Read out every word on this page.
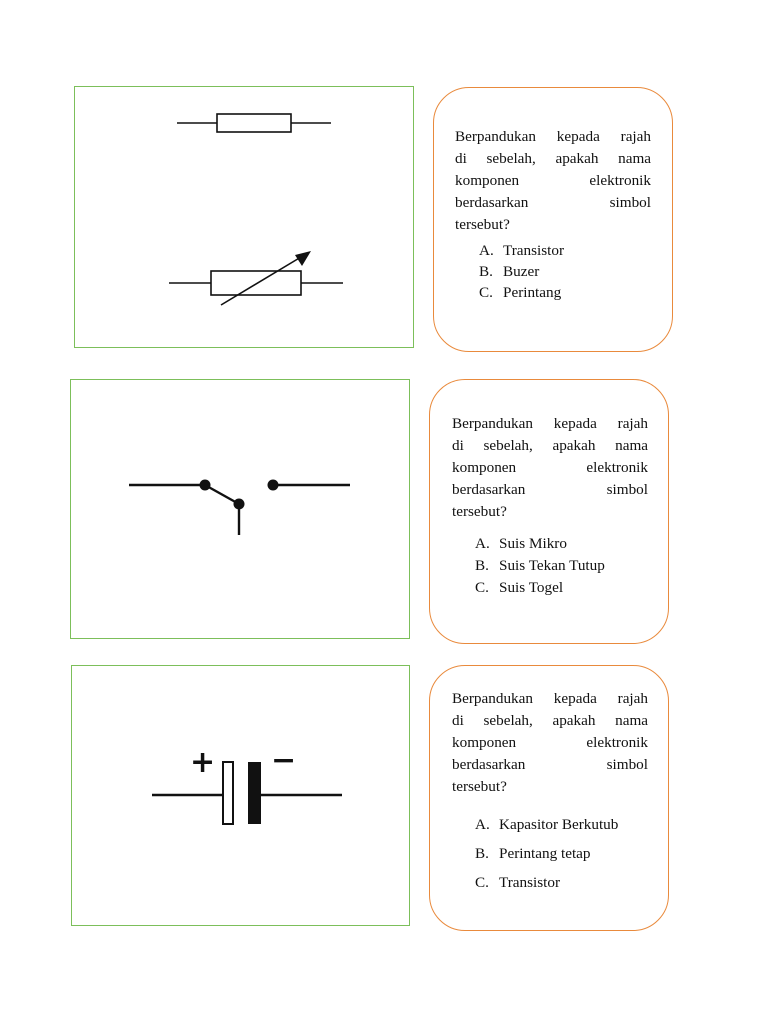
Berpandukan kepada rajah
di sebelah, apakah nama
komponen elektronik
berdasarkan simbol
tersebut?
A. Transistor
B. Buzer
C. Perintang
Berpandukan kepada rajah
di sebelah, apakah nama
komponen elektronik
berdasarkan simbol
tersebut?
A. Suis Mikro
B. Suis Tekan Tutup
C. Suis Togel
+ −
Berpandukan kepada rajah
di sebelah, apakah nama
komponen elektronik
berdasarkan simbol
tersebut?
A. Kapasitor Berkutub
B. Perintang tetap
C. Transistor
